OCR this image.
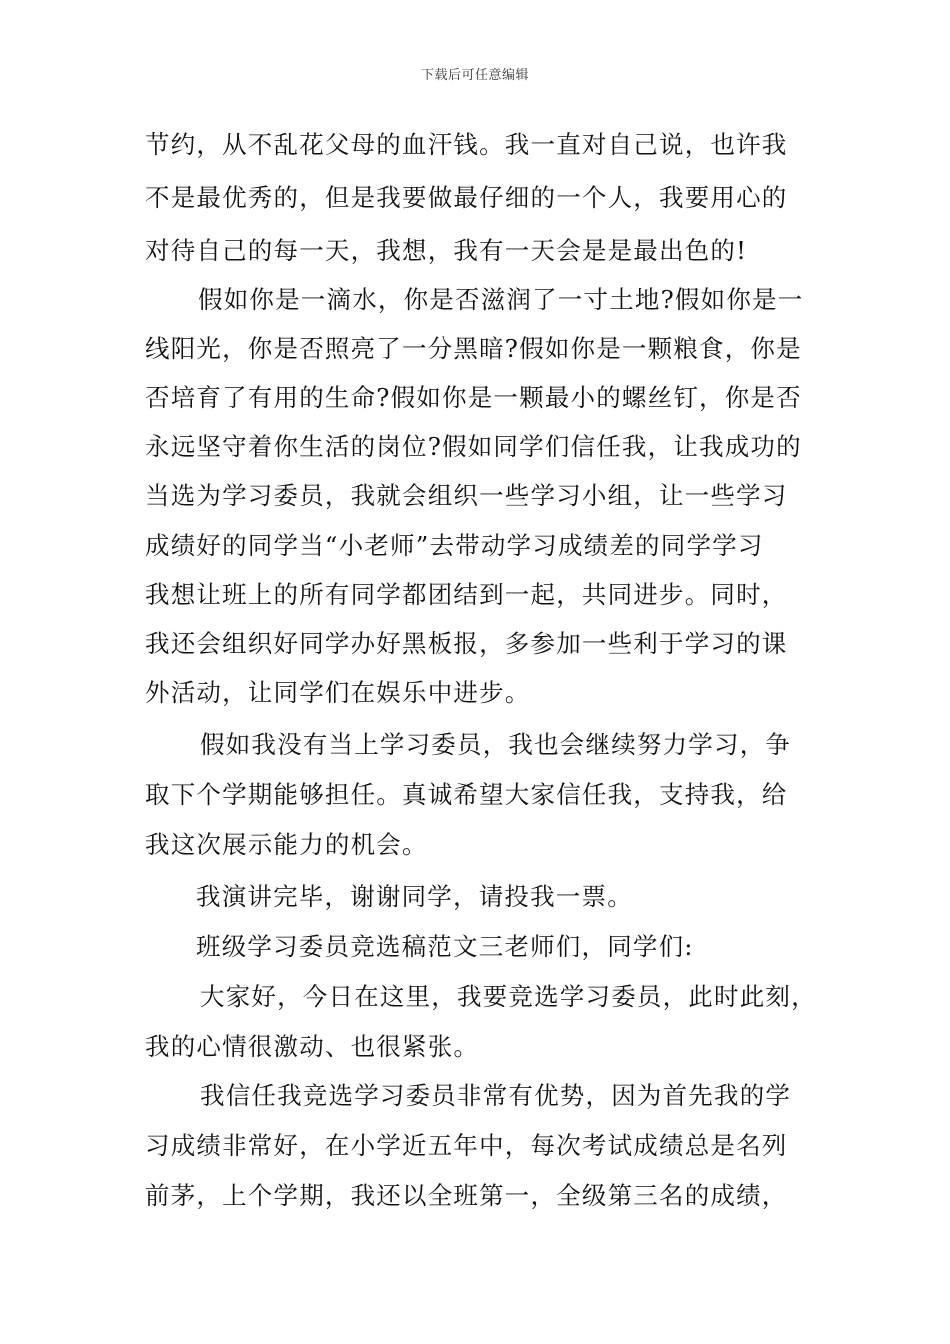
下载后可任意编辑
节约，从不乱花父母的血汗钱。我一直对自己说，也许我
不是最优秀的，但是我要做最仔细的一个人，我要用心的
对待自己的每一天，我想，我有一天会是是最出色的!
假如你是一滴水，你是否滋润了一寸土地?假如你是一
线阳光，你是否照亮了一分黑暗?假如你是一颗粮食，你是
否培育了有用的生命?假如你是一颗最小的螺丝钉，你是否
永远坚守着你生活的岗位?假如同学们信任我，让我成功的
当选为学习委员，我就会组织一些学习小组，让一些学习
成绩好的同学当“小老师”去带动学习成绩差的同学学习
我想让班上的所有同学都团结到一起，共同进步。同时，
我还会组织好同学办好黑板报，多参加一些利于学习的课
外活动，让同学们在娱乐中进步。
假如我没有当上学习委员，我也会继续努力学习，争
取下个学期能够担任。真诚希望大家信任我，支持我，给
我这次展示能力的机会。
我演讲完毕，谢谢同学，请投我一票。
班级学习委员竞选稿范文三老师们，同学们:
大家好，今日在这里，我要竞选学习委员，此时此刻，
我的心情很激动、也很紧张。
我信任我竞选学习委员非常有优势，因为首先我的学
习成绩非常好，在小学近五年中，每次考试成绩总是名列
前茅，上个学期，我还以全班第一，全级第三名的成绩，
